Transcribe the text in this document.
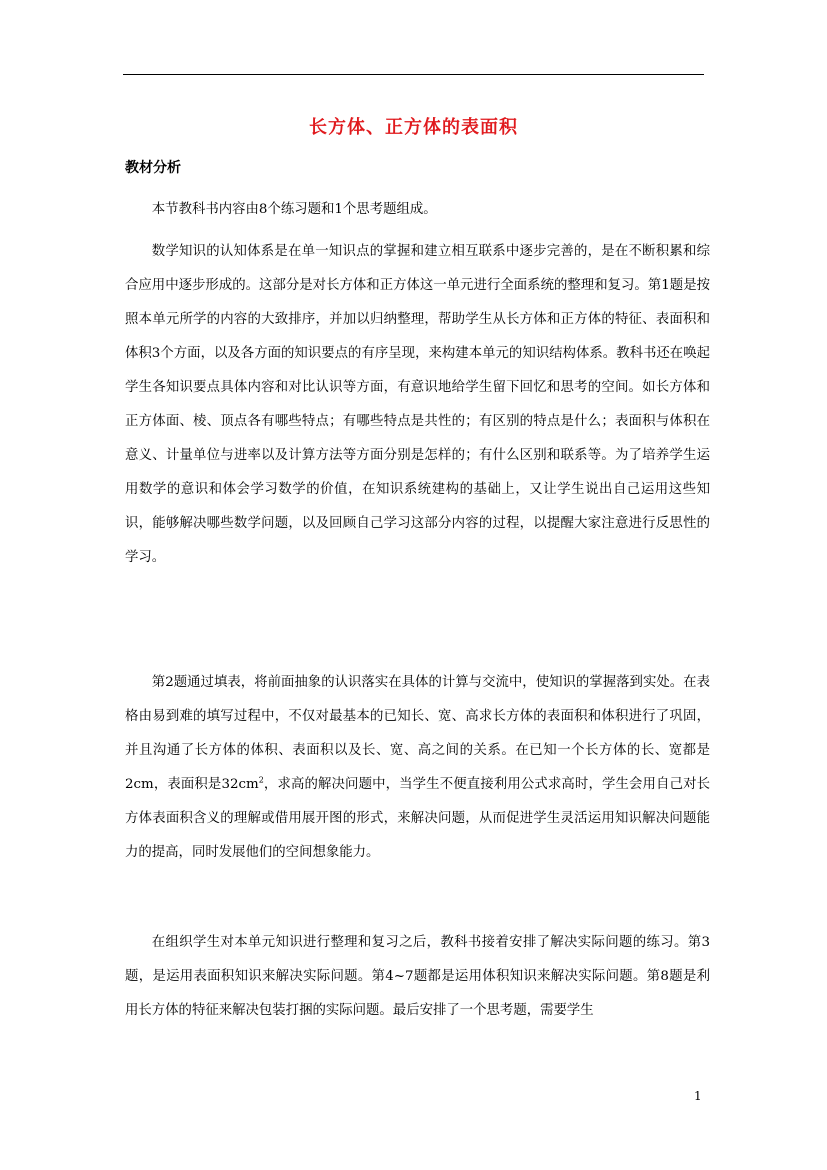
长方体、正方体的表面积
教材分析

本节教科书内容由8个练习题和1个思考题组成。

数学知识的认知体系是在单一知识点的掌握和建立相互联系中逐步完善的，是在不断积累和综合应用中逐步形成的。这部分是对长方体和正方体这一单元进行全面系统的整理和复习。第1题是按照本单元所学的内容的大致排序，并加以归纳整理，帮助学生从长方体和正方体的特征、表面积和体积3个方面，以及各方面的知识要点的有序呈现，来构建本单元的知识结构体系。教科书还在唤起学生各知识要点具体内容和对比认识等方面，有意识地给学生留下回忆和思考的空间。如长方体和正方体面、棱、顶点各有哪些特点；有哪些特点是共性的；有区别的特点是什么；表面积与体积在意义、计量单位与进率以及计算方法等方面分别是怎样的；有什么区别和联系等。为了培养学生运用数学的意识和体会学习数学的价值，在知识系统建构的基础上，又让学生说出自己运用这些知识，能够解决哪些数学问题，以及回顾自己学习这部分内容的过程，以提醒大家注意进行反思性的学习。

第2题通过填表，将前面抽象的认识落实在具体的计算与交流中，使知识的掌握落到实处。在表格由易到难的填写过程中，不仅对最基本的已知长、宽、高求长方体的表面积和体积进行了巩固，并且沟通了长方体的体积、表面积以及长、宽、高之间的关系。在已知一个长方体的长、宽都是2cm，表面积是$32cm^2$，求高的解决问题中，当学生不便直接利用公式求高时，学生会用自己对长方体表面积含义的理解或借用展开图的形式，来解决问题，从而促进学生灵活运用知识解决问题能力的提高，同时发展他们的空间想象能力。

在组织学生对本单元知识进行整理和复习之后，教科书接着安排了解决实际问题的练习。第3题，是运用表面积知识来解决实际问题。第4~7题都是运用体积知识来解决实际问题。第8题是利用长方体的特征来解决包装打捆的实际问题。最后安排了一个思考题，需要学生

1
